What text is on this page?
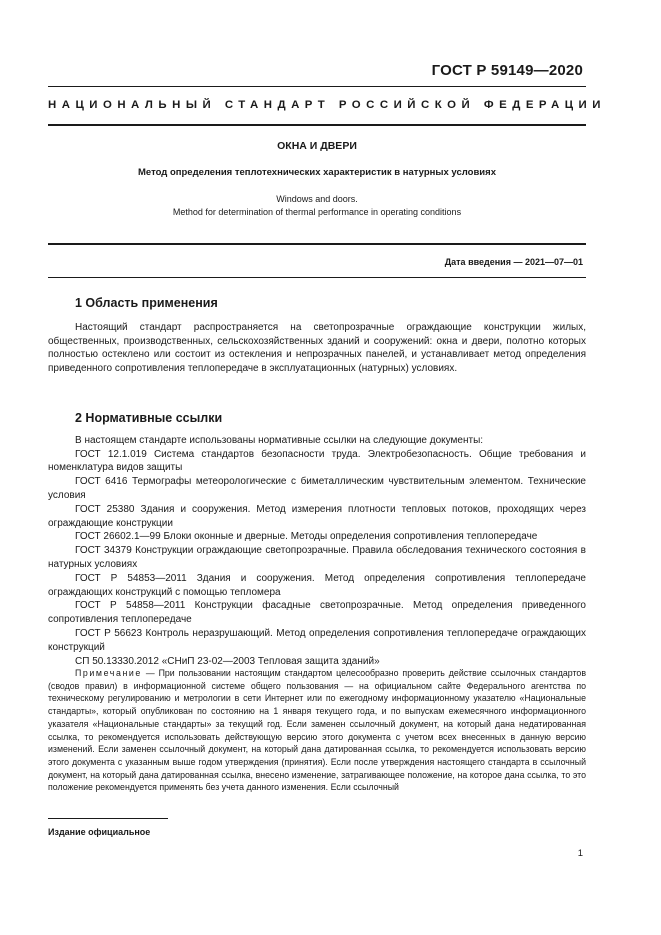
ГОСТ Р 59149—2020
НАЦИОНАЛЬНЫЙ СТАНДАРТ РОССИЙСКОЙ ФЕДЕРАЦИИ
ОКНА И ДВЕРИ
Метод определения теплотехнических характеристик в натурных условиях
Windows and doors.
Method for determination of thermal performance in operating conditions
Дата введения — 2021—07—01
1 Область применения

Настоящий стандарт распространяется на светопрозрачные ограждающие конструкции жилых, общественных, производственных, сельскохозяйственных зданий и сооружений: окна и двери, полотно которых полностью остеклено или состоит из остекления и непрозрачных панелей, и устанавливает метод определения приведенного сопротивления теплопередаче в эксплуатационных (натурных) условиях.

2 Нормативные ссылки

В настоящем стандарте использованы нормативные ссылки на следующие документы:

ГОСТ 12.1.019 Система стандартов безопасности труда. Электробезопасность. Общие требования и номенклатура видов защиты

ГОСТ 6416 Термографы метеорологические с биметаллическим чувствительным элементом. Технические условия

ГОСТ 25380 Здания и сооружения. Метод измерения плотности тепловых потоков, проходящих через ограждающие конструкции

ГОСТ 26602.1—99 Блоки оконные и дверные. Методы определения сопротивления теплопередаче

ГОСТ 34379 Конструкции ограждающие светопрозрачные. Правила обследования технического состояния в натурных условиях

ГОСТ Р 54853—2011 Здания и сооружения. Метод определения сопротивления теплопередаче ограждающих конструкций с помощью тепломера

ГОСТ Р 54858—2011 Конструкции фасадные светопрозрачные. Метод определения приведенного сопротивления теплопередаче

ГОСТ Р 56623 Контроль неразрушающий. Метод определения сопротивления теплопередаче ограждающих конструкций

СП 50.13330.2012 «СНиП 23-02—2003 Тепловая защита зданий»

Примечание — При пользовании настоящим стандартом целесообразно проверить действие ссылочных стандартов (сводов правил) в информационной системе общего пользования — на официальном сайте Федерального агентства по техническому регулированию и метрологии в сети Интернет или по ежегодному информационному указателю «Национальные стандарты», который опубликован по состоянию на 1 января текущего года, и по выпускам ежемесячного информационного указателя «Национальные стандарты» за текущий год. Если заменен ссылочный документ, на который дана недатированная ссылка, то рекомендуется использовать действующую версию этого документа с учетом всех внесенных в данную версию изменений. Если заменен ссылочный документ, на который дана датированная ссылка, то рекомендуется использовать версию этого документа с указанным выше годом утверждения (принятия). Если после утверждения настоящего стандарта в ссылочный документ, на который дана датированная ссылка, внесено изменение, затрагивающее положение, на которое дана ссылка, то это положение рекомендуется применять без учета данного изменения. Если ссылочный

Издание официальное
1
